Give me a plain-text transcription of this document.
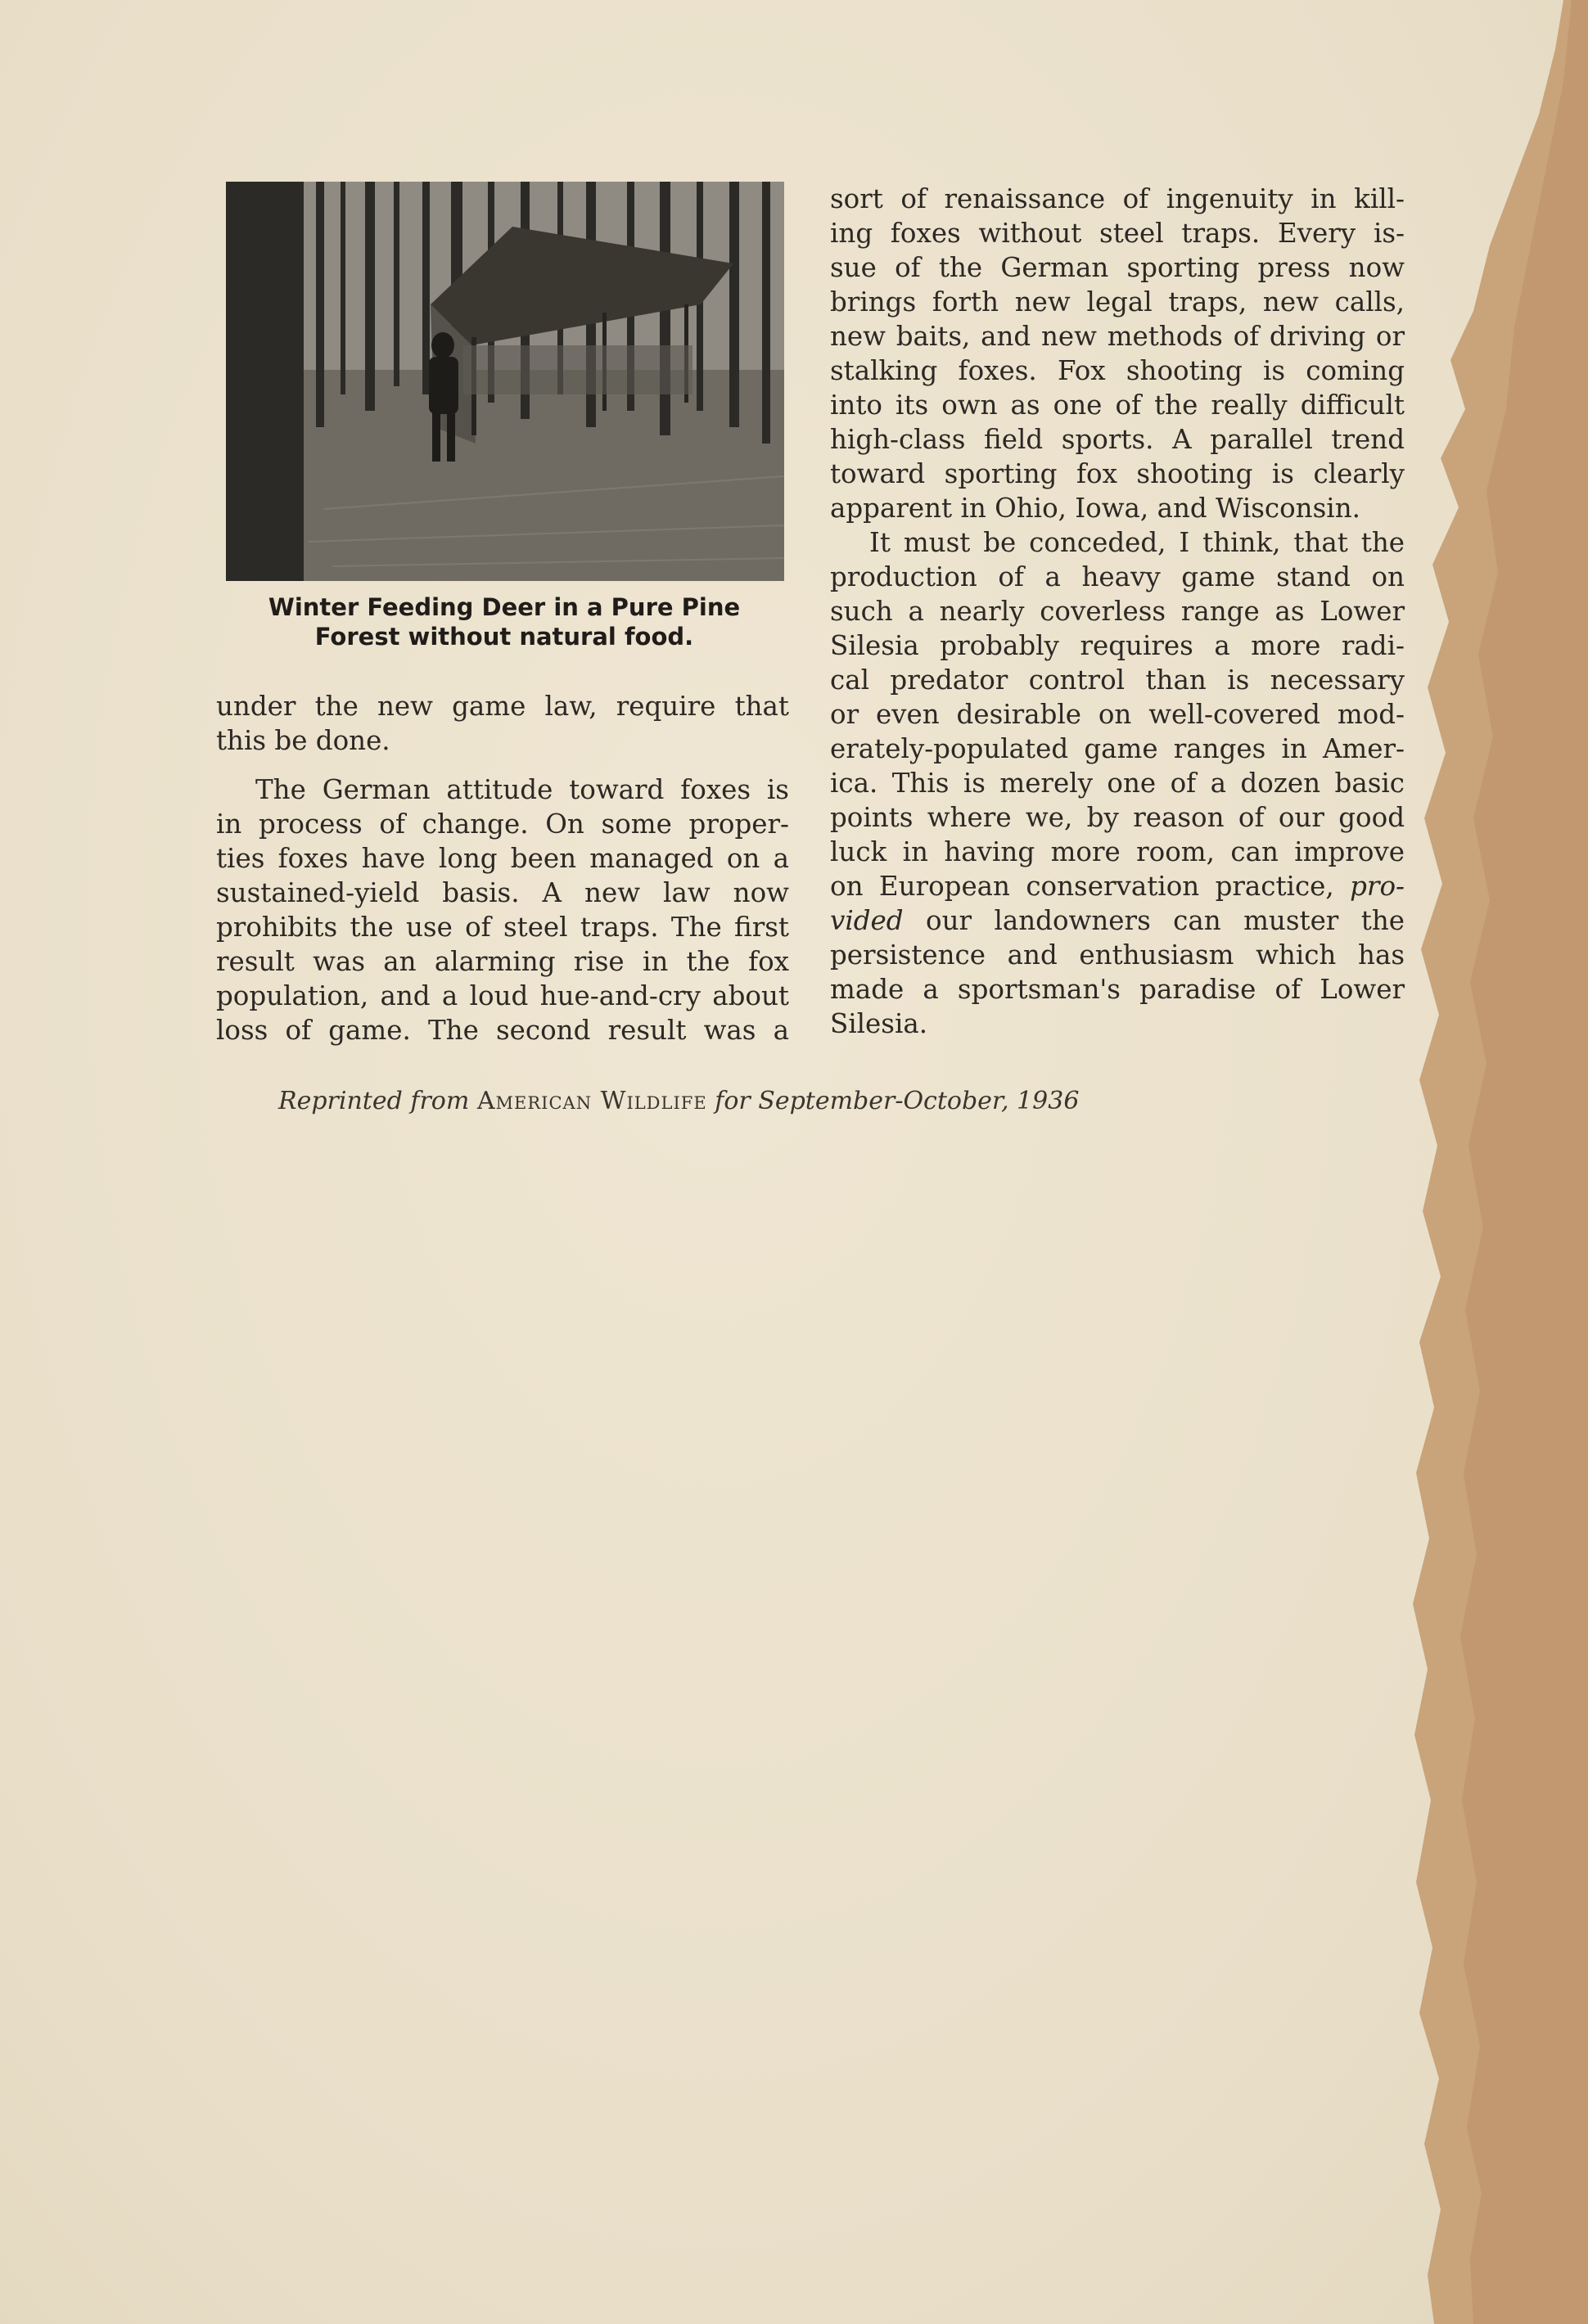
Winter Feeding Deer in a Pure Pine
Forest without natural food.
under the new game law, require that
this be done.
The German attitude toward foxes is
in process of change. On some proper-
ties foxes have long been managed on a
sustained-yield basis. A new law now
prohibits the use of steel traps. The first
result was an alarming rise in the fox
population, and a loud hue-and-cry about
loss of game. The second result was a
sort of renaissance of ingenuity in kill-
ing foxes without steel traps. Every is-
sue of the German sporting press now
brings forth new legal traps, new calls,
new baits, and new methods of driving or
stalking foxes. Fox shooting is coming
into its own as one of the really difficult
high-class field sports. A parallel trend
toward sporting fox shooting is clearly
apparent in Ohio, Iowa, and Wisconsin.
It must be conceded, I think, that the
production of a heavy game stand on
such a nearly coverless range as Lower
Silesia probably requires a more radi-
cal predator control than is necessary
or even desirable on well-covered mod-
erately-populated game ranges in Amer-
ica. This is merely one of a dozen basic
points where we, by reason of our good
luck in having more room, can improve
on European conservation practice, pro-
vided our landowners can muster the
persistence and enthusiasm which has
made a sportsman's paradise of Lower
Silesia.
Reprinted from American Wildlife for September-October, 1936
